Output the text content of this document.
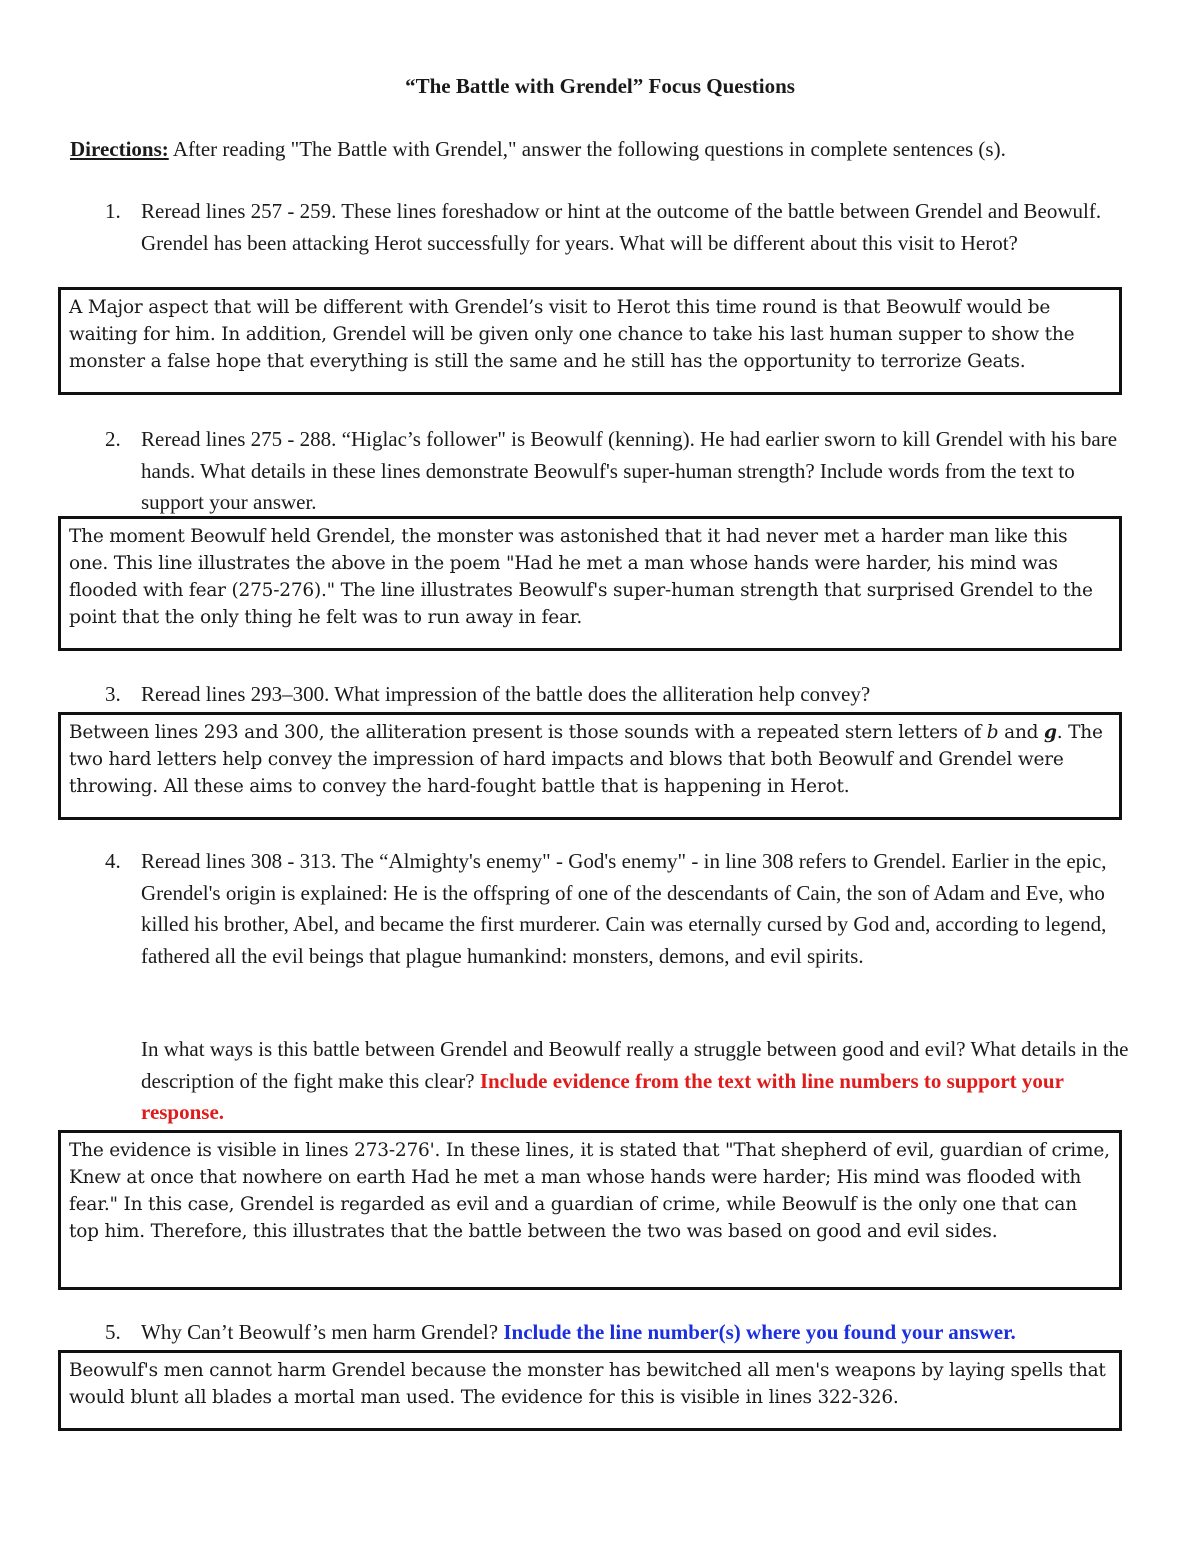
“The Battle with Grendel” Focus Questions
Directions: After reading "The Battle with Grendel," answer the following questions in complete sentences (s).
1. Reread lines 257 - 259. These lines foreshadow or hint at the outcome of the battle between Grendel and Beowulf. Grendel has been attacking Herot successfully for years. What will be different about this visit to Herot?
A Major aspect that will be different with Grendel’s visit to Herot this time round is that Beowulf would be waiting for him. In addition, Grendel will be given only one chance to take his last human supper to show the monster a false hope that everything is still the same and he still has the opportunity to terrorize Geats.
2. Reread lines 275 - 288. “Higlac’s follower" is Beowulf (kenning). He had earlier sworn to kill Grendel with his bare hands. What details in these lines demonstrate Beowulf's super-human strength? Include words from the text to support your answer.
The moment Beowulf held Grendel, the monster was astonished that it had never met a harder man like this one. This line illustrates the above in the poem "Had he met a man whose hands were harder, his mind was flooded with fear (275-276)." The line illustrates Beowulf's super-human strength that surprised Grendel to the point that the only thing he felt was to run away in fear.
3. Reread lines 293–300. What impression of the battle does the alliteration help convey?
Between lines 293 and 300, the alliteration present is those sounds with a repeated stern letters of b and g. The two hard letters help convey the impression of hard impacts and blows that both Beowulf and Grendel were throwing. All these aims to convey the hard-fought battle that is happening in Herot.
4. Reread lines 308 - 313. The “Almighty's enemy" - God's enemy" - in line 308 refers to Grendel. Earlier in the epic, Grendel's origin is explained: He is the offspring of one of the descendants of Cain, the son of Adam and Eve, who killed his brother, Abel, and became the first murderer. Cain was eternally cursed by God and, according to legend, fathered all the evil beings that plague humankind: monsters, demons, and evil spirits.
In what ways is this battle between Grendel and Beowulf really a struggle between good and evil? What details in the description of the fight make this clear? Include evidence from the text with line numbers to support your response.
The evidence is visible in lines 273-276'. In these lines, it is stated that "That shepherd of evil, guardian of crime, Knew at once that nowhere on earth Had he met a man whose hands were harder; His mind was flooded with fear." In this case, Grendel is regarded as evil and a guardian of crime, while Beowulf is the only one that can top him. Therefore, this illustrates that the battle between the two was based on good and evil sides.
5. Why Can’t Beowulf’s men harm Grendel? Include the line number(s) where you found your answer.
Beowulf's men cannot harm Grendel because the monster has bewitched all men's weapons by laying spells that would blunt all blades a mortal man used. The evidence for this is visible in lines 322-326.
